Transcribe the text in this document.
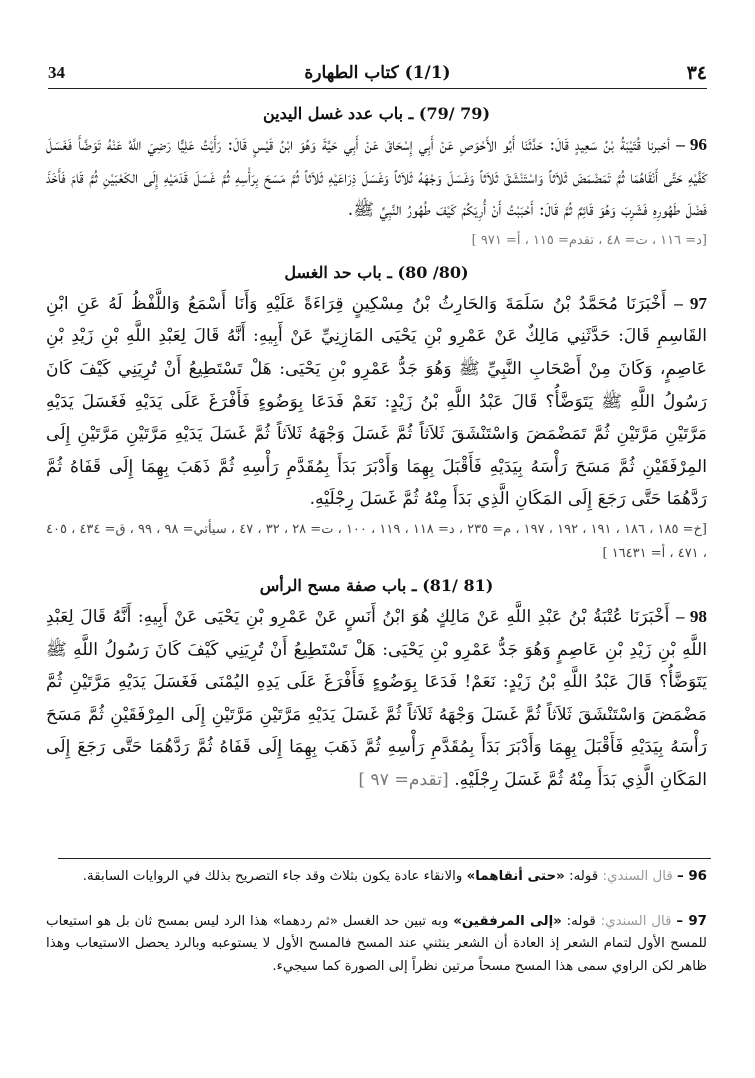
34	(1/1) كتاب الطهارة	٣٤
(79 /79) ـ باب عدد غسل اليدين

96 – أخبرنا قُتَيْبَةُ بْنُ سَعِيدٍ قَالَ: حَدَّثَنَا أَبُو الأَحْوَصِ عَنْ أَبِي إِسْحَاقَ عَنْ أَبِي حَيَّةَ وَهُوَ ابْنُ قَيْسٍ قَالَ: رَأَيْتُ عَلِيًّا رَضِيَ اللَّهُ عَنْهُ تَوَضَّأَ فَغَسَلَ كَفَّيْهِ حَتَّى أَنْقَاهُمَا ثُمَّ تَمَضْمَضَ ثَلاَثاً وَاسْتَنْشَقَ ثَلاَثاً وَغَسَلَ وَجْهَهُ ثَلاَثاً وَغَسَلَ ذِرَاعَيْهِ ثَلاَثاً ثُمَّ مَسَحَ بِرَأْسِهِ ثُمَّ غَسَلَ قَدَمَيْهِ إِلَى الكَعْبَيْنِ ثُمَّ قَامَ فَأَخَذَ فَضْلَ طَهُورِهِ فَشَرِبَ وَهُوَ قَائِمٌ ثُمَّ قَالَ: أَحْبَبْتُ أَنْ أُرِيَكُمْ كَيْفَ طُهُورُ النَّبِيِّ ﷺ.

[د= ١١٦ ، ت= ٤٨ ، تقدم= ١١٥ ، أ= ٩٧١ ]
(80/ 80) ـ باب حد الغسل

97 – أَخْبَرَنَا مُحَمَّدُ بْنُ سَلَمَةَ وَالحَارِثُ بْنُ مِسْكِينٍ قِرَاءَةً عَلَيْهِ وَأَنَا أَسْمَعُ وَاللَّفْظُ لَهُ عَنِ ابْنِ القَاسِمِ قَالَ: حَدَّثَنِي مَالِكٌ عَنْ عَمْرِو بْنِ يَحْيَى المَازِنِيِّ عَنْ أَبِيهِ: أَنَّهُ قَالَ لِعَبْدِ اللَّهِ بْنِ زَيْدِ بْنِ عَاصِمٍ، وَكَانَ مِنْ أَصْحَابِ النَّبِيِّ ﷺ وَهُوَ جَدُّ عَمْرِو بْنِ يَحْيَى: هَلْ تَسْتَطِيعُ أَنْ تُرِيَنِي كَيْفَ كَانَ رَسُولُ اللَّهِ ﷺ يَتَوَضَّأُ؟ قَالَ عَبْدُ اللَّهِ بْنُ زَيْدٍ: نَعَمْ فَدَعَا بِوَضُوءٍ فَأَفْرَغَ عَلَى يَدَيْهِ فَغَسَلَ يَدَيْهِ مَرَّتَيْنِ مَرَّتَيْنِ ثُمَّ تَمَضْمَضَ وَاسْتَنْشَقَ ثَلاَثاً ثُمَّ غَسَلَ وَجْهَهُ ثَلاَثاً ثُمَّ غَسَلَ يَدَيْهِ مَرَّتَيْنِ مَرَّتَيْنِ إِلَى المِرْفَقَيْنِ ثُمَّ مَسَحَ رَأْسَهُ بِيَدَيْهِ فَأَقْبَلَ بِهِمَا وَأَدْبَرَ بَدَأَ بِمُقَدَّمِ رَأْسِهِ ثُمَّ ذَهَبَ بِهِمَا إِلَى قَفَاهُ ثُمَّ رَدَّهُمَا حَتَّى رَجَعَ إِلَى المَكَانِ الَّذِي بَدَأَ مِنْهُ ثُمَّ غَسَلَ رِجْلَيْهِ.

[خ= ١٨٥ ، ١٨٦ ، ١٩١ ، ١٩٢ ، ١٩٧ ، م= ٢٣٥ ، د= ١١٨ ، ١١٩ ، ١٠٠ ، ت= ٢٨ ، ٣٢ ، ٤٧ ، سيأتي= ٩٨ ، ٩٩ ، ق= ٤٣٤ ، ٤٠٥ ، ٤٧١ ، أ= ١٦٤٣١ ]
(81 /81) ـ باب صفة مسح الرأس

98 – أَخْبَرَنَا عُتْبَةُ بْنُ عَبْدِ اللَّهِ عَنْ مَالِكٍ هُوَ ابْنُ أَنَسٍ عَنْ عَمْرِو بْنِ يَحْيَى عَنْ أَبِيهِ: أَنَّهُ قَالَ لِعَبْدِ اللَّهِ بْنِ زَيْدِ بْنِ عَاصِمٍ وَهُوَ جَدُّ عَمْرِو بْنِ يَحْيَى: هَلْ تَسْتَطِيعُ أَنْ تُرِيَنِي كَيْفَ كَانَ رَسُولُ اللَّهِ ﷺ يَتَوَضَّأُ؟ قَالَ عَبْدُ اللَّهِ بْنُ زَيْدٍ: نَعَمْ! فَدَعَا بِوَضُوءٍ فَأَفْرَغَ عَلَى يَدِهِ اليُمْنَى فَغَسَلَ يَدَيْهِ مَرَّتَيْنِ ثُمَّ مَضْمَضَ وَاسْتَنْشَقَ ثَلاَثاً ثُمَّ غَسَلَ وَجْهَهُ ثَلاَثاً ثُمَّ غَسَلَ يَدَيْهِ مَرَّتَيْنِ مَرَّتَيْنِ إِلَى المِرْفَقَيْنِ ثُمَّ مَسَحَ رَأْسَهُ بِيَدَيْهِ فَأَقْبَلَ بِهِمَا وَأَدْبَرَ بَدَأَ بِمُقَدَّمِ رَأْسِهِ ثُمَّ ذَهَبَ بِهِمَا إِلَى قَفَاهُ ثُمَّ رَدَّهُمَا حَتَّى رَجَعَ إِلَى المَكَانِ الَّذِي بَدَأَ مِنْهُ ثُمَّ غَسَلَ رِجْلَيْهِ. [تقدم= ٩٧ ]

96 – قال السندي: قوله: «حتى أنقاهما» والانقاء عادة يكون بثلاث وقد جاء التصريح بذلك في الروايات السابقة.

97 – قال السندي: قوله: «إلى المرفقين» وبه تبين حد الغسل «ثم ردهما» هذا الرد ليس بمسح ثان بل هو استيعاب للمسح الأول لتمام الشعر إذ العادة أن الشعر ينثني عند المسح فالمسح الأول لا يستوعبه وبالرد يحصل الاستيعاب وهذا ظاهر لكن الراوي سمى هذا المسح مسحاً مرتين نظراً إلى الصورة كما سيجيء.
